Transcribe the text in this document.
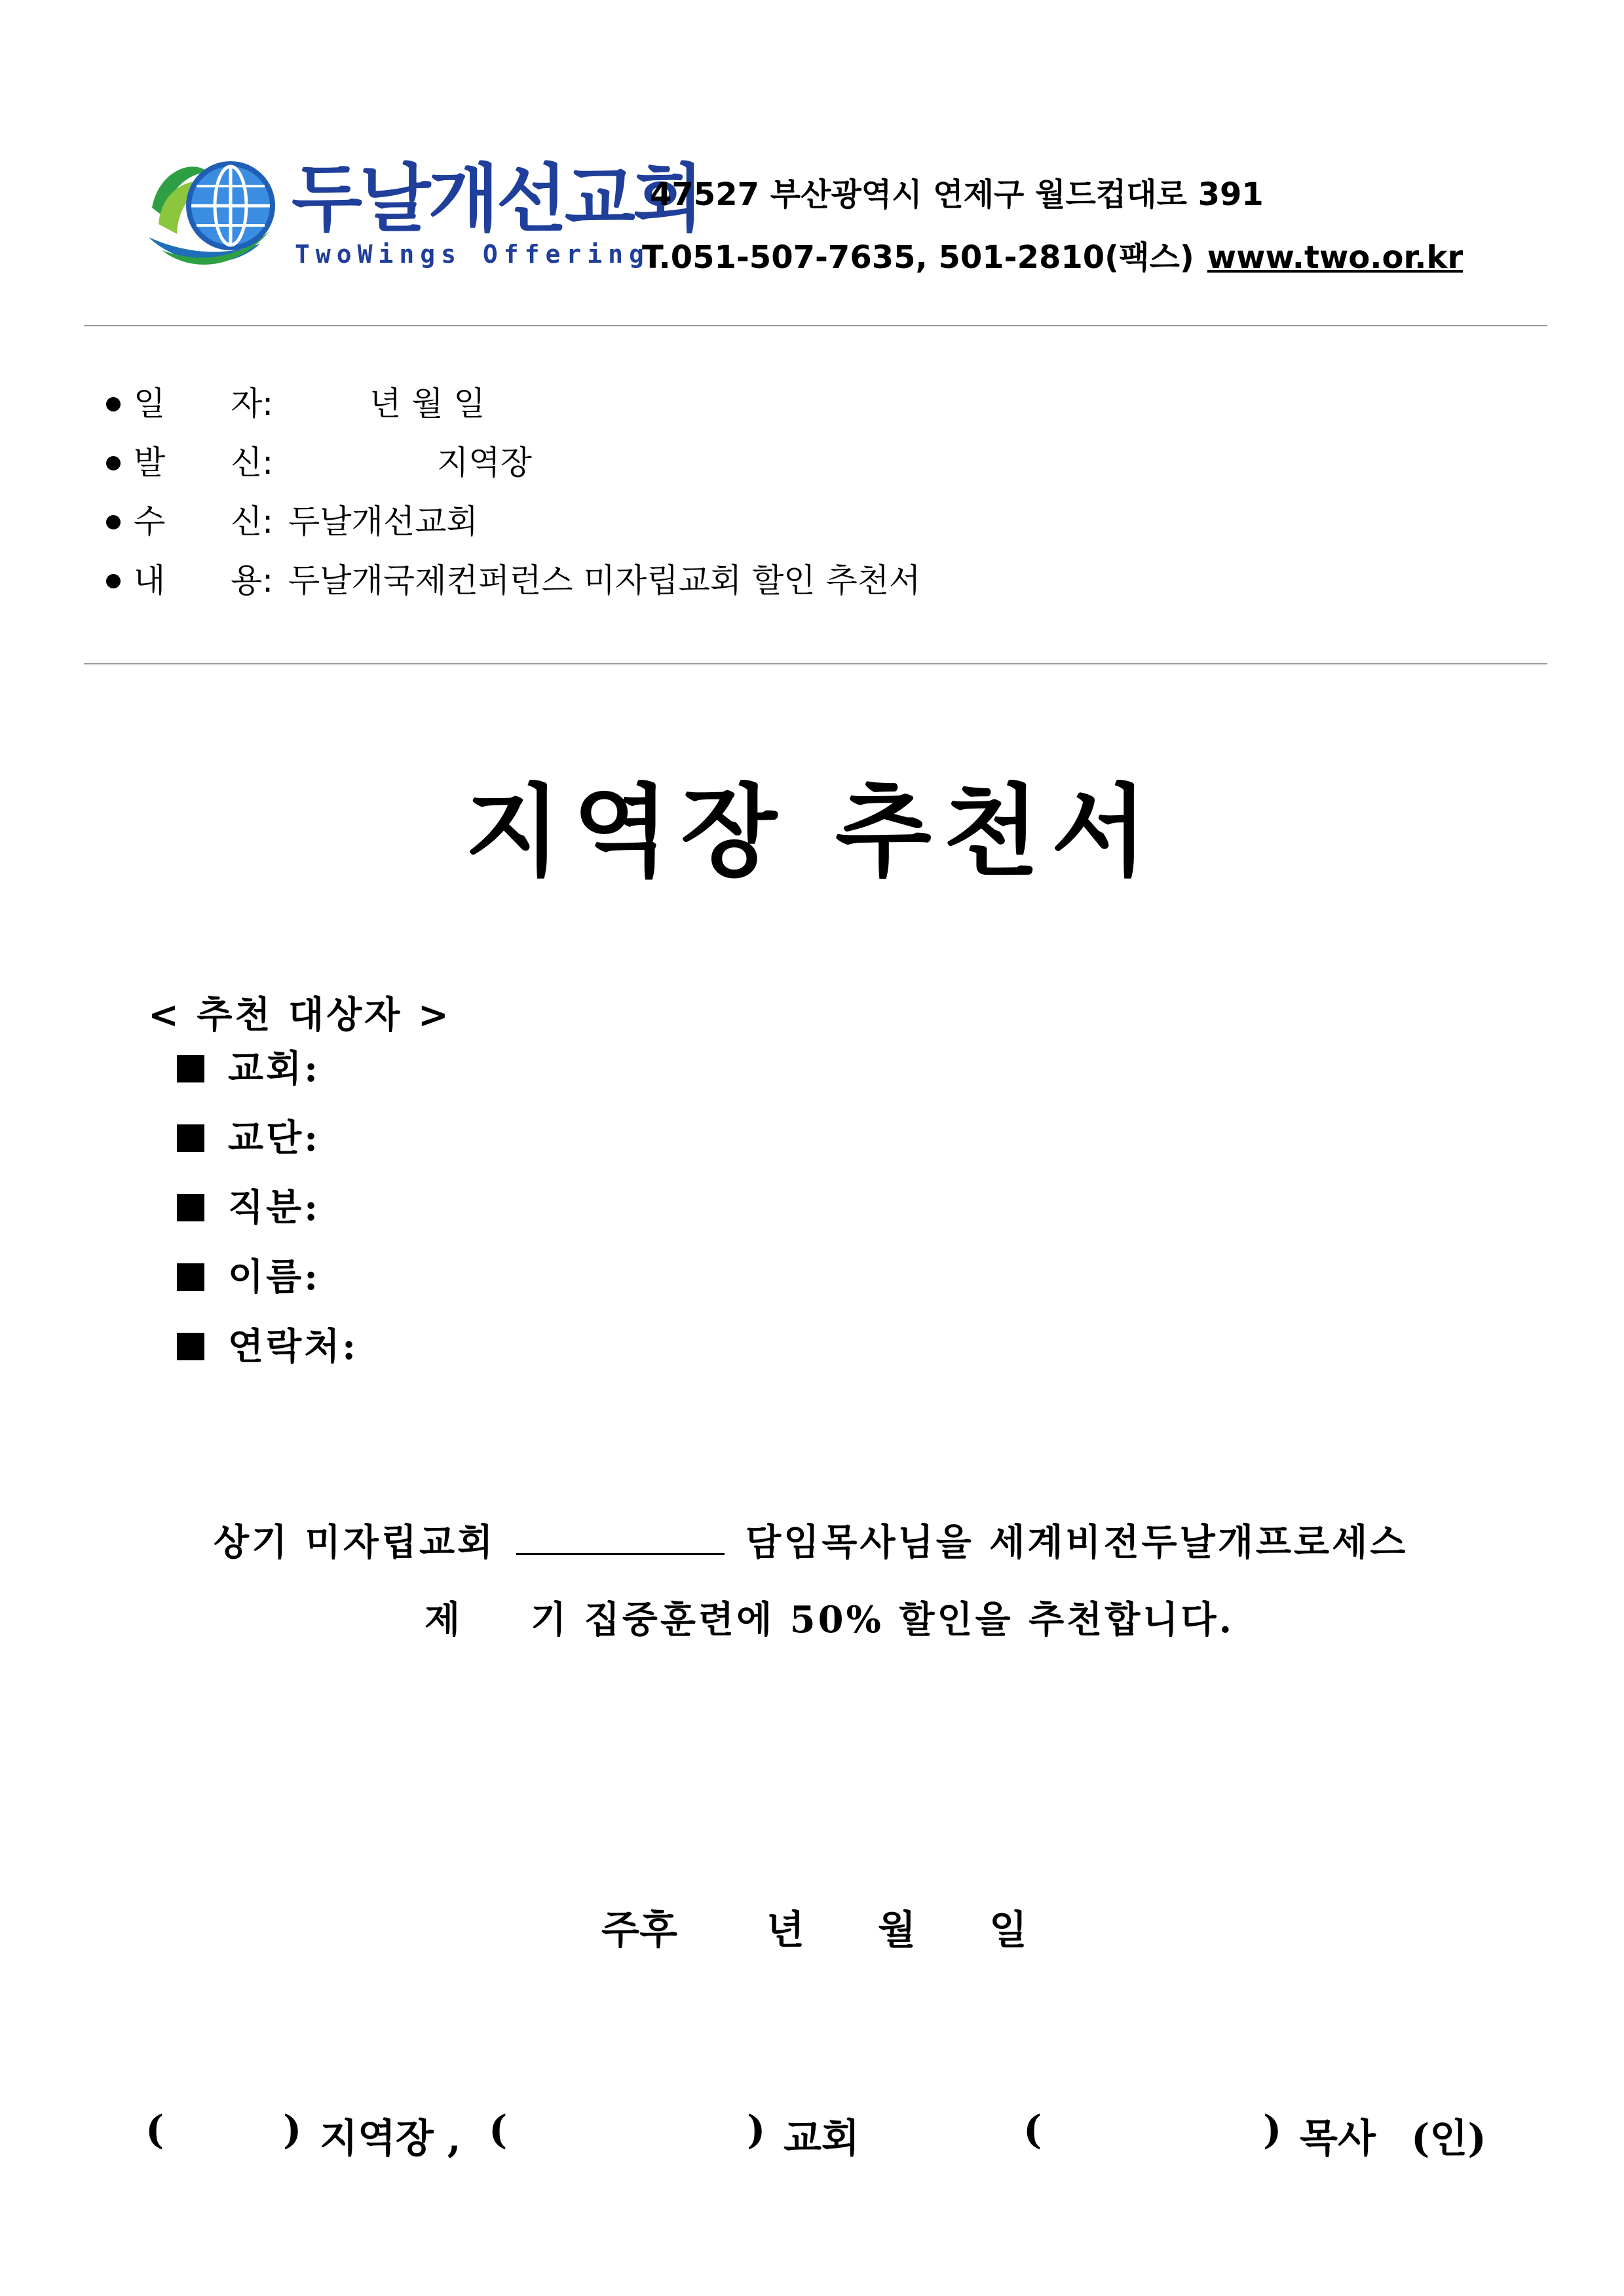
두날개선교회
TwoWings Offering
47527 부산광역시 연제구 월드컵대로 391
T.051-507-7635, 501-2810(팩스) www.two.or.kr
일 자:	년 월 일
발 신:	지역장
수 신: 두날개선교회
내 용: 두날개국제컨퍼런스 미자립교회 할인 추천서
지역장 추천서
< 추천 대상자 >
교회:
교단:
직분:
이름:
연락처:
상기 미자립교회	담임목사님을 세계비전두날개프로세스
제 기 집중훈련에 50% 할인을 추천합니다.
주후 년 월 일
(	) 지역장 , (	) 교회	(	) 목사 (인)
